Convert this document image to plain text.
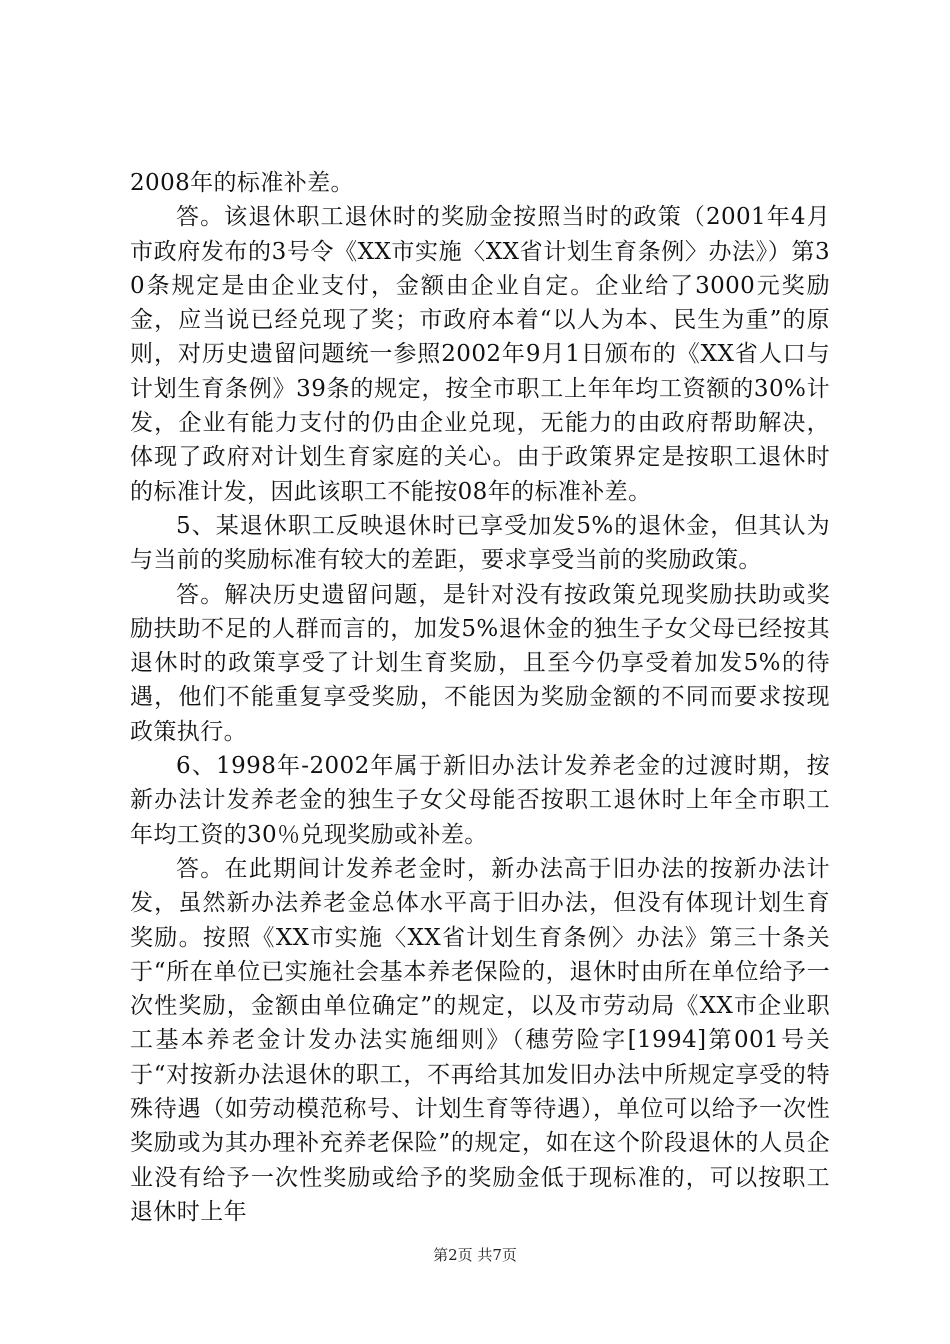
2008年的标准补差。

答。该退休职工退休时的奖励金按照当时的政策（2001年4月市政府发布的3号令《XX市实施〈XX省计划生育条例〉办法》）第30条规定是由企业支付，金额由企业自定。企业给了3000元奖励金，应当说已经兑现了奖；市政府本着“以人为本、民生为重”的原则，对历史遗留问题统一参照2002年9月1日颁布的《XX省人口与计划生育条例》39条的规定，按全市职工上年年均工资额的30%计发，企业有能力支付的仍由企业兑现，无能力的由政府帮助解决，体现了政府对计划生育家庭的关心。由于政策界定是按职工退休时的标准计发，因此该职工不能按08年的标准补差。

5、某退休职工反映退休时已享受加发5%的退休金，但其认为与当前的奖励标准有较大的差距，要求享受当前的奖励政策。

答。解决历史遗留问题，是针对没有按政策兑现奖励扶助或奖励扶助不足的人群而言的，加发5%退休金的独生子女父母已经按其退休时的政策享受了计划生育奖励，且至今仍享受着加发5%的待遇，他们不能重复享受奖励，不能因为奖励金额的不同而要求按现政策执行。

6、1998年-2002年属于新旧办法计发养老金的过渡时期，按新办法计发养老金的独生子女父母能否按职工退休时上年全市职工年均工资的30％兑现奖励或补差。

答。在此期间计发养老金时，新办法高于旧办法的按新办法计发，虽然新办法养老金总体水平高于旧办法，但没有体现计划生育奖励。按照《XX市实施〈XX省计划生育条例〉办法》第三十条关于“所在单位已实施社会基本养老保险的，退休时由所在单位给予一次性奖励，金额由单位确定”的规定，以及市劳动局《XX市企业职工基本养老金计发办法实施细则》（穗劳险字[1994]第001号关于“对按新办法退休的职工，不再给其加发旧办法中所规定享受的特殊待遇（如劳动模范称号、计划生育等待遇），单位可以给予一次性奖励或为其办理补充养老保险”的规定，如在这个阶段退休的人员企业没有给予一次性奖励或给予的奖励金低于现标准的，可以按职工退休时上年

第2页 共7页
